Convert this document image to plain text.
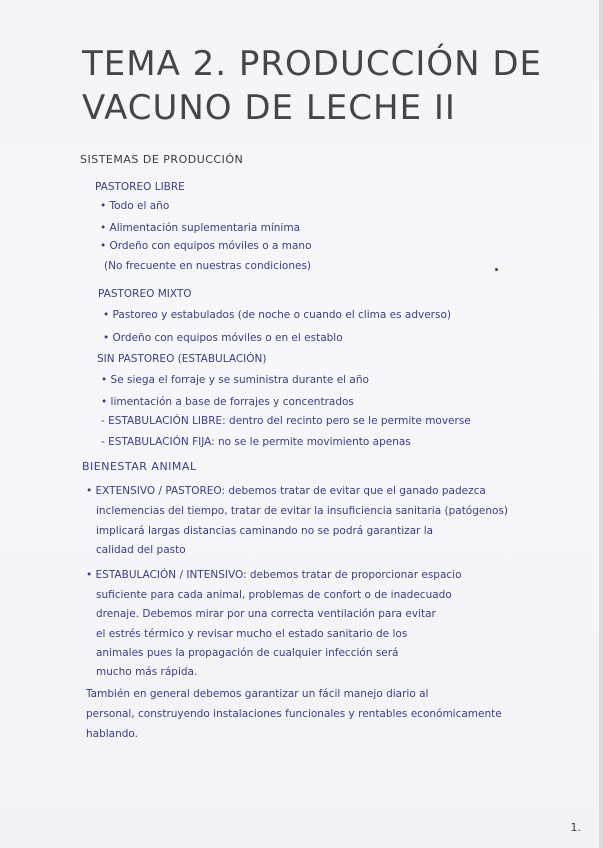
TEMA 2. PRODUCCIÓN DE
VACUNO DE LECHE II
SISTEMAS DE PRODUCCIÓN
PASTOREO LIBRE
• Todo el año
• Alimentación suplementaria mínima
• Ordeño con equipos móviles o a mano
(No frecuente en nuestras condiciones)
PASTOREO MIXTO
• Pastoreo y estabulados (de noche o cuando el clima es adverso)
• Ordeño con equipos móviles o en el establo
SIN PASTOREO (ESTABULACIÓN)
• Se siega el forraje y se suministra durante el año
• limentación a base de forrajes y concentrados
- ESTABULACIÓN LIBRE: dentro del recinto pero se le permite moverse
- ESTABULACIÓN FIJA: no se le permite movimiento apenas
BIENESTAR ANIMAL
• EXTENSIVO / PASTOREO: debemos tratar de evitar que el ganado padezca
inclemencias del tiempo, tratar de evitar la insuficiencia sanitaria (patógenos)
implicará largas distancias caminando no se podrá garantizar la
calidad del pasto
• ESTABULACIÓN / INTENSIVO: debemos tratar de proporcionar espacio
suficiente para cada animal, problemas de confort o de inadecuado
drenaje. Debemos mirar por una correcta ventilación para evitar
el estrés térmico y revisar mucho el estado sanitario de los
animales pues la propagación de cualquier infección será
mucho más rápida.
También en general debemos garantizar un fácil manejo diario al
personal, construyendo instalaciones funcionales y rentables económicamente
hablando.
1.
